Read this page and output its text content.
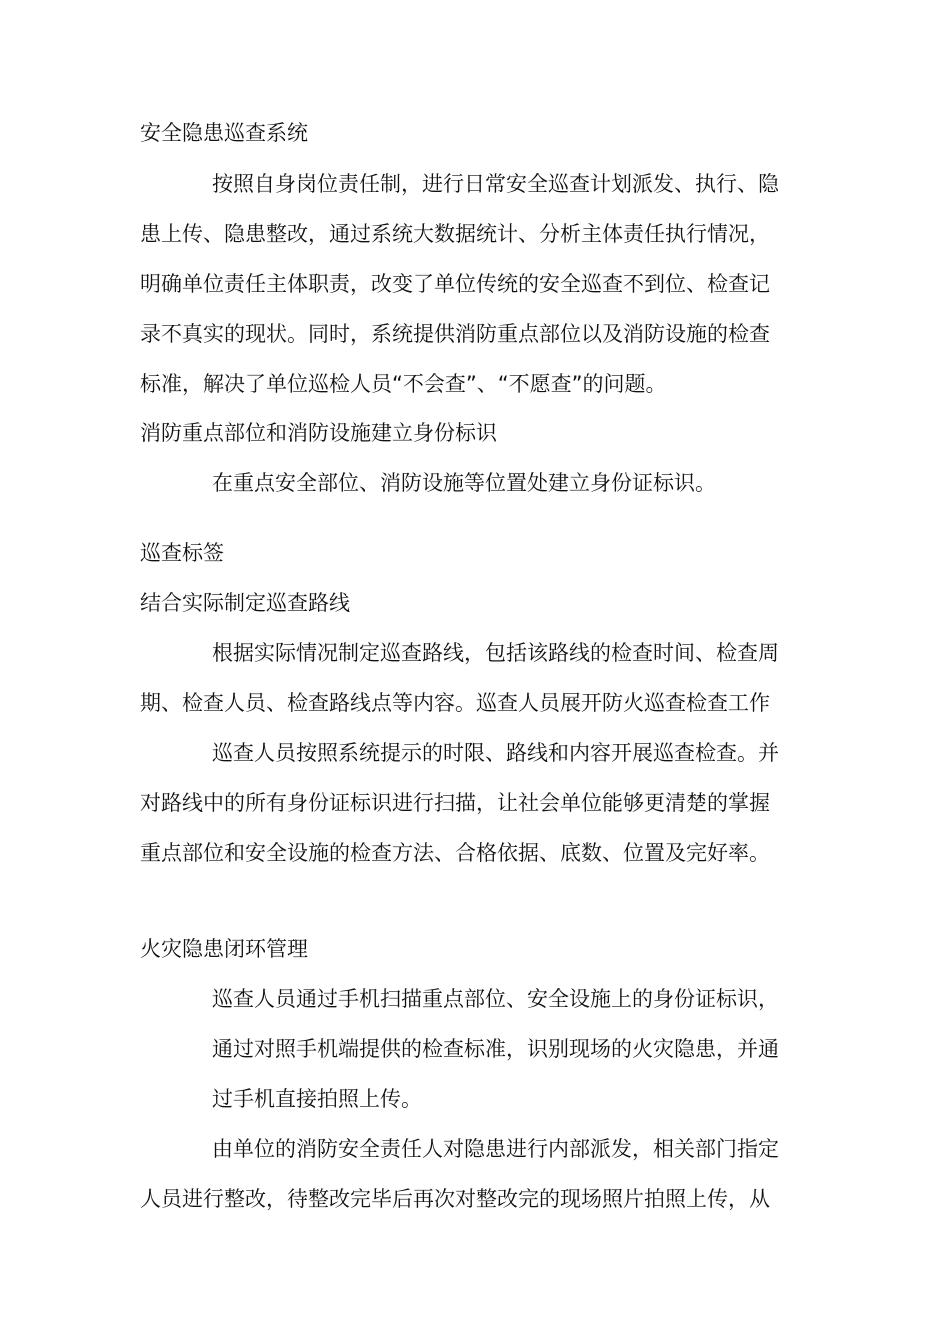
安全隐患巡查系统
按照自身岗位责任制，进行日常安全巡查计划派发、执行、隐
患上传、隐患整改，通过系统大数据统计、分析主体责任执行情况，
明确单位责任主体职责，改变了单位传统的安全巡查不到位、检查记
录不真实的现状。同时，系统提供消防重点部位以及消防设施的检查
标准，解决了单位巡检人员“不会查”、“不愿查”的问题。
消防重点部位和消防设施建立身份标识
在重点安全部位、消防设施等位置处建立身份证标识。
巡查标签
结合实际制定巡查路线
根据实际情况制定巡查路线，包括该路线的检查时间、检查周
期、检查人员、检查路线点等内容。巡查人员展开防火巡查检查工作
巡查人员按照系统提示的时限、路线和内容开展巡查检查。并
对路线中的所有身份证标识进行扫描，让社会单位能够更清楚的掌握
重点部位和安全设施的检查方法、合格依据、底数、位置及完好率。
火灾隐患闭环管理
巡查人员通过手机扫描重点部位、安全设施上的身份证标识，
通过对照手机端提供的检查标准，识别现场的火灾隐患，并通
过手机直接拍照上传。
由单位的消防安全责任人对隐患进行内部派发，相关部门指定
人员进行整改，待整改完毕后再次对整改完的现场照片拍照上传，从
